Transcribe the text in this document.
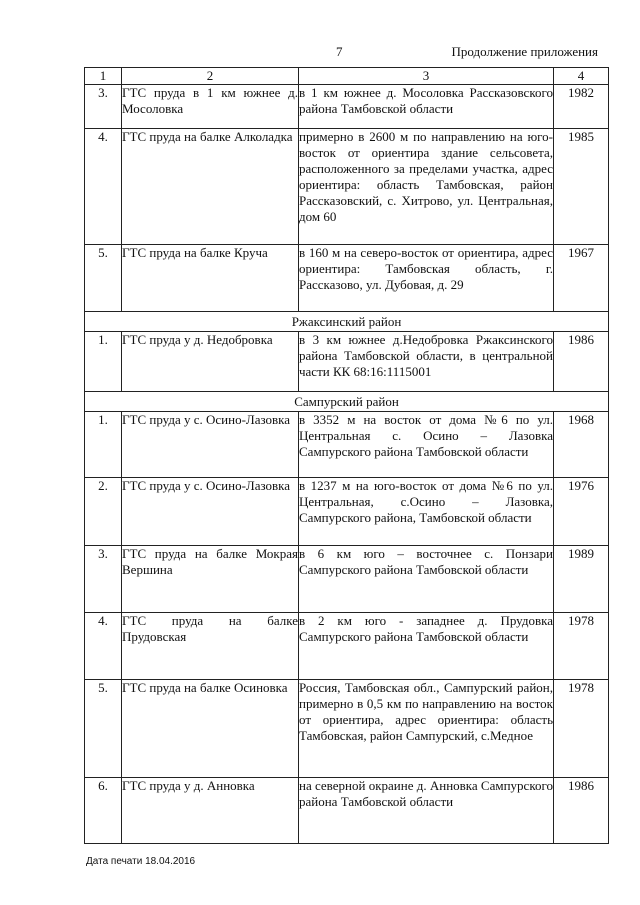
7	Продолжение приложения
1	2	3	4
3.	ГТС пруда в 1 км южнее д. Мосоловка	в 1 км южнее д. Мосоловка Рассказовского района Тамбовской области	1982
4.	ГТС пруда на балке Алколадка	примерно в 2600 м по направлению на юго-восток от ориентира здание сельсовета, расположенного за пределами участка, адрес ориентира: область Тамбовская, район Рассказовский, с. Хитрово, ул. Центральная, дом 60	1985
5.	ГТС пруда на балке Круча	в 160 м на северо-восток от ориентира, адрес ориентира: Тамбовская область, г. Рассказово, ул. Дубовая, д. 29	1967
Ржаксинский район			
1.	ГТС пруда у д. Недобровка	в 3 км южнее д.Недобровка Ржаксинского района Тамбовской области, в центральной части КК 68:16:1115001	1986
Сампурский район			
1.	ГТС пруда у с. Осино-Лазовка	в 3352 м на восток от дома №6 по ул. Центральная с. Осино – Лазовка Сампурского района Тамбовской области	1968
2.	ГТС пруда у с. Осино-Лазовка	в 1237 м на юго-восток от дома №6 по ул. Центральная, с.Осино – Лазовка, Сампурского района, Тамбовской области	1976
3.	ГТС пруда на балке Мокрая Вершина	в 6 км юго – восточнее с. Понзари Сампурского района Тамбовской области	1989
4.	ГТС пруда на балке Прудовская	в 2 км юго - западнее д. Прудовка Сампурского района Тамбовской области	1978
5.	ГТС пруда на балке Осиновка	Россия, Тамбовская обл., Сампурский район, примерно в 0,5 км по направлению на восток от ориентира, адрес ориентира: область Тамбовская, район Сампурский, с.Медное	1978
6.	ГТС пруда у д. Анновка	на северной окраине д. Анновка Сампурского района Тамбовской области	1986
Дата печати 18.04.2016
